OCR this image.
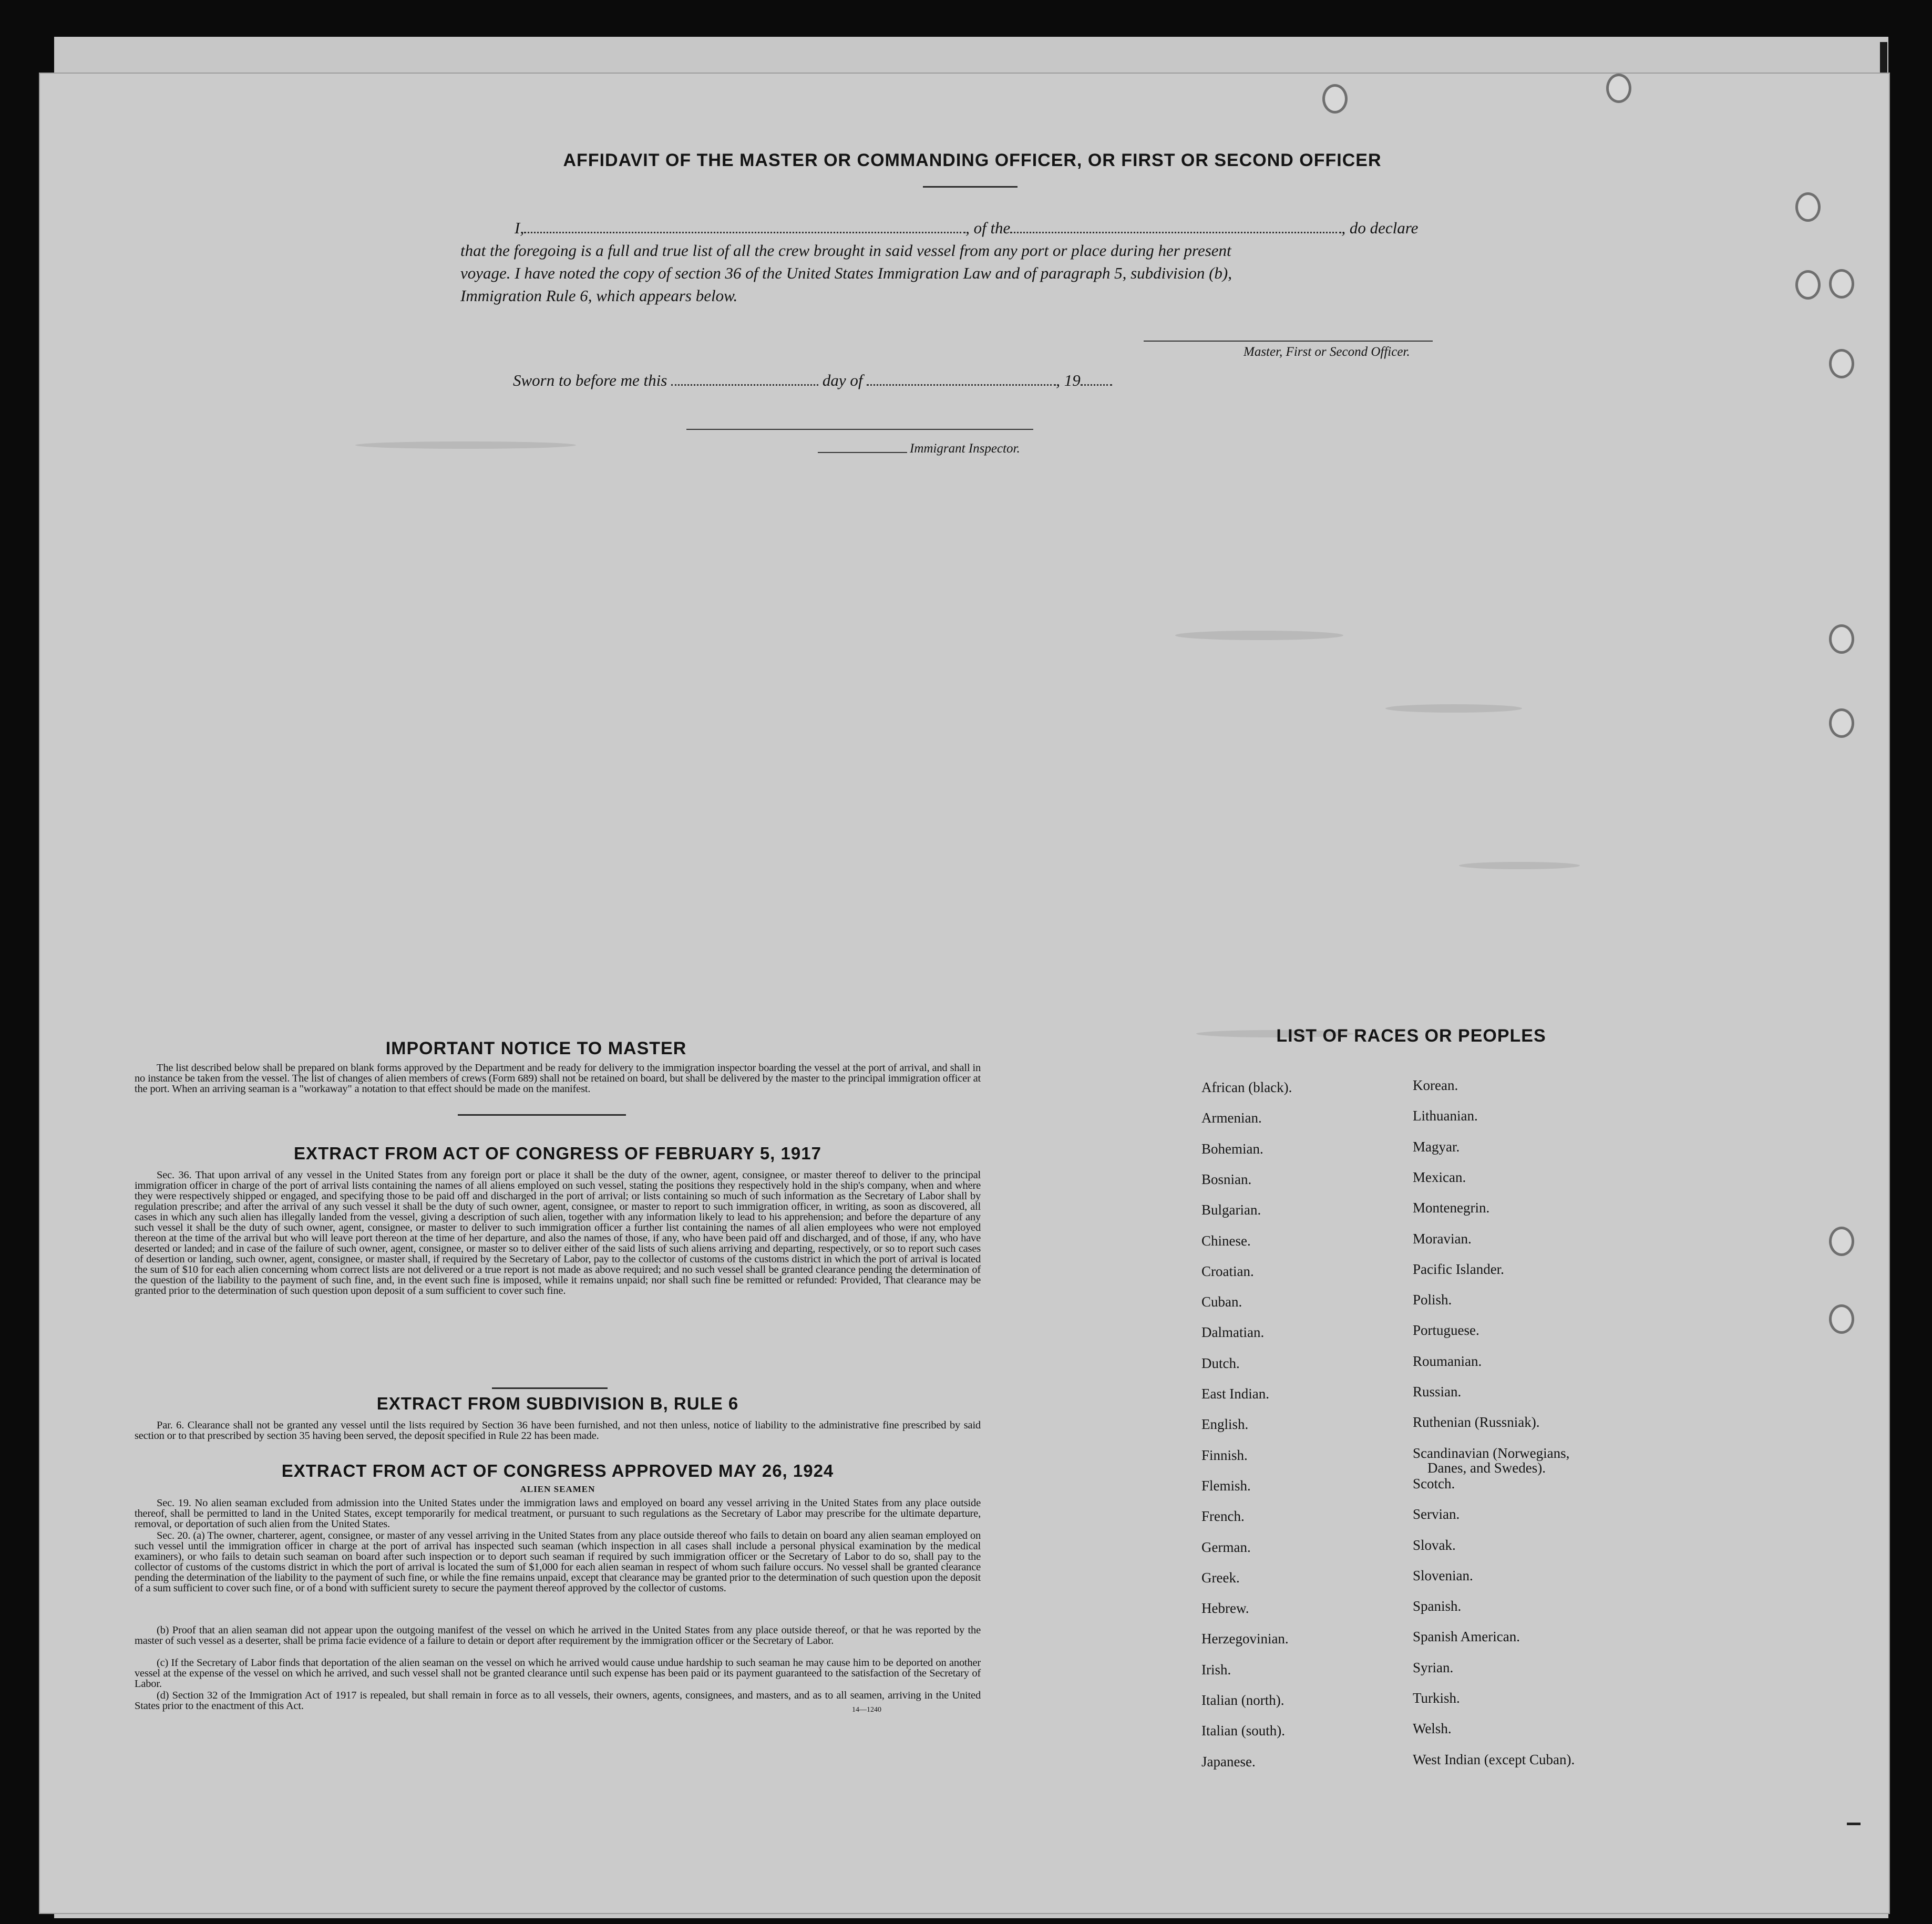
AFFIDAVIT OF THE MASTER OR COMMANDING OFFICER, OR FIRST OR SECOND OFFICER
I,	, of the	, do declare
that the foregoing is a full and true list of all the crew brought in said vessel from any port or place during her present
voyage. I have noted the copy of section 36 of the United States Immigration Law and of paragraph 5, subdivision (b),
Immigration Rule 6, which appears below.
Master, First or Second Officer.
Sworn to before me this	day of	, 19
Immigrant Inspector.
IMPORTANT NOTICE TO MASTER
The list described below shall be prepared on blank forms approved by the Department and be ready for delivery to the immigration inspector boarding the vessel at the port of arrival, and shall in no instance be taken from the vessel. The list of changes of alien members of crews (Form 689) shall not be retained on board, but shall be delivered by the master to the principal immigration officer at the port. When an arriving seaman is a "workaway" a notation to that effect should be made on the manifest.
EXTRACT FROM ACT OF CONGRESS OF FEBRUARY 5, 1917
Sec. 36. That upon arrival of any vessel in the United States from any foreign port or place it shall be the duty of the owner, agent, consignee, or master thereof to deliver to the principal immigration officer in charge of the port of arrival lists containing the names of all aliens employed on such vessel, stating the positions they respectively hold in the ship's company, when and where they were respectively shipped or engaged, and specifying those to be paid off and discharged in the port of arrival; or lists containing so much of such information as the Secretary of Labor shall by regulation prescribe; and after the arrival of any such vessel it shall be the duty of such owner, agent, consignee, or master to report to such immigration officer, in writing, as soon as discovered, all cases in which any such alien has illegally landed from the vessel, giving a description of such alien, together with any information likely to lead to his apprehension; and before the departure of any such vessel it shall be the duty of such owner, agent, consignee, or master to deliver to such immigration officer a further list containing the names of all alien employees who were not employed thereon at the time of the arrival but who will leave port thereon at the time of her departure, and also the names of those, if any, who have been paid off and discharged, and of those, if any, who have deserted or landed; and in case of the failure of such owner, agent, consignee, or master so to deliver either of the said lists of such aliens arriving and departing, respectively, or so to report such cases of desertion or landing, such owner, agent, consignee, or master shall, if required by the Secretary of Labor, pay to the collector of customs of the customs district in which the port of arrival is located the sum of $10 for each alien concerning whom correct lists are not delivered or a true report is not made as above required; and no such vessel shall be granted clearance pending the determination of the question of the liability to the payment of such fine, and, in the event such fine is imposed, while it remains unpaid; nor shall such fine be remitted or refunded: Provided, That clearance may be granted prior to the determination of such question upon deposit of a sum sufficient to cover such fine.
EXTRACT FROM SUBDIVISION B, RULE 6
Par. 6. Clearance shall not be granted any vessel until the lists required by Section 36 have been furnished, and not then unless, notice of liability to the administrative fine prescribed by said section or to that prescribed by section 35 having been served, the deposit specified in Rule 22 has been made.
EXTRACT FROM ACT OF CONGRESS APPROVED MAY 26, 1924
ALIEN SEAMEN
Sec. 19. No alien seaman excluded from admission into the United States under the immigration laws and employed on board any vessel arriving in the United States from any place outside thereof, shall be permitted to land in the United States, except temporarily for medical treatment, or pursuant to such regulations as the Secretary of Labor may prescribe for the ultimate departure, removal, or deportation of such alien from the United States.
Sec. 20. (a) The owner, charterer, agent, consignee, or master of any vessel arriving in the United States from any place outside thereof who fails to detain on board any alien seaman employed on such vessel until the immigration officer in charge at the port of arrival has inspected such seaman (which inspection in all cases shall include a personal physical examination by the medical examiners), or who fails to detain such seaman on board after such inspection or to deport such seaman if required by such immigration officer or the Secretary of Labor to do so, shall pay to the collector of customs of the customs district in which the port of arrival is located the sum of $1,000 for each alien seaman in respect of whom such failure occurs. No vessel shall be granted clearance pending the determination of the liability to the payment of such fine, or while the fine remains unpaid, except that clearance may be granted prior to the determination of such question upon the deposit of a sum sufficient to cover such fine, or of a bond with sufficient surety to secure the payment thereof approved by the collector of customs.
(b) Proof that an alien seaman did not appear upon the outgoing manifest of the vessel on which he arrived in the United States from any place outside thereof, or that he was reported by the master of such vessel as a deserter, shall be prima facie evidence of a failure to detain or deport after requirement by the immigration officer or the Secretary of Labor.
(c) If the Secretary of Labor finds that deportation of the alien seaman on the vessel on which he arrived would cause undue hardship to such seaman he may cause him to be deported on another vessel at the expense of the vessel on which he arrived, and such vessel shall not be granted clearance until such expense has been paid or its payment guaranteed to the satisfaction of the Secretary of Labor.
(d) Section 32 of the Immigration Act of 1917 is repealed, but shall remain in force as to all vessels, their owners, agents, consignees, and masters, and as to all seamen, arriving in the United States prior to the enactment of this Act.	14—1240
LIST OF RACES OR PEOPLES
African (black).
Armenian.
Bohemian.
Bosnian.
Bulgarian.
Chinese.
Croatian.
Cuban.
Dalmatian.
Dutch.
East Indian.
English.
Finnish.
Flemish.
French.
German.
Greek.
Hebrew.
Herzegovinian.
Irish.
Italian (north).
Italian (south).
Japanese.
Korean.
Lithuanian.
Magyar.
Mexican.
Montenegrin.
Moravian.
Pacific Islander.
Polish.
Portuguese.
Roumanian.
Russian.
Ruthenian (Russniak).
Scandinavian (Norwegians,
Danes, and Swedes).
Scotch.
Servian.
Slovak.
Slovenian.
Spanish.
Spanish American.
Syrian.
Turkish.
Welsh.
West Indian (except Cuban).
